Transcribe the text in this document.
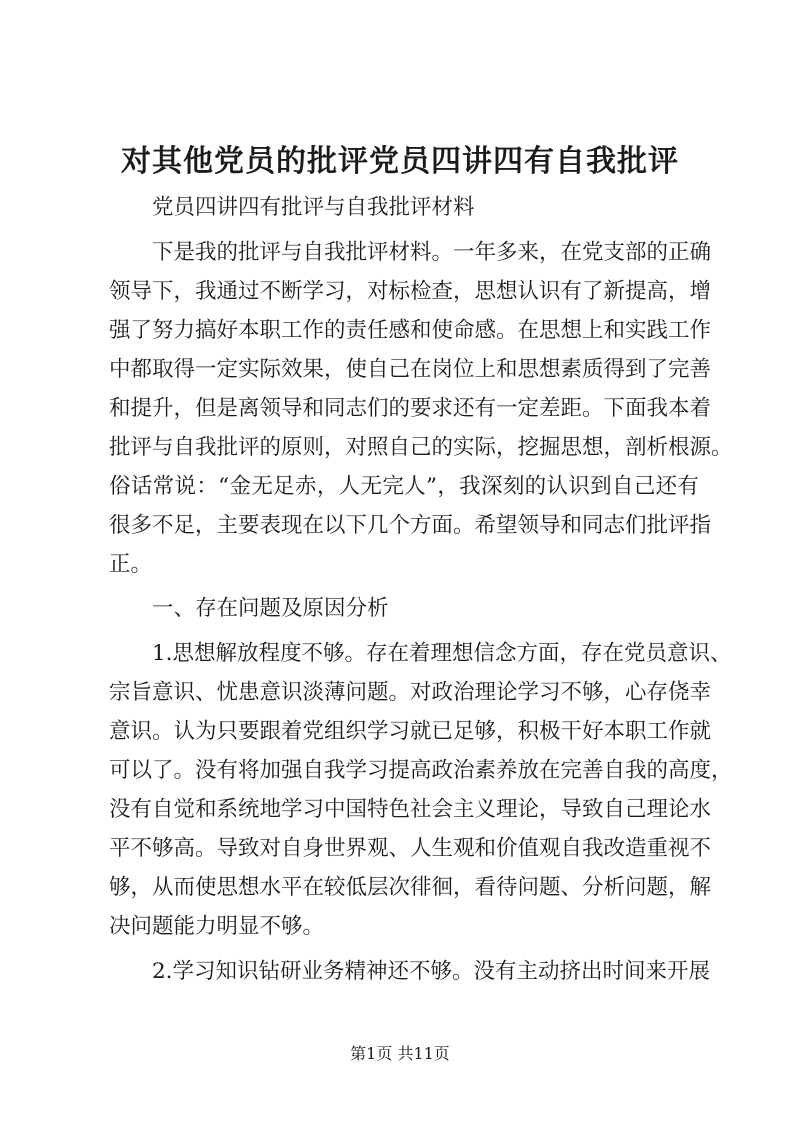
对其他党员的批评党员四讲四有自我批评
党员四讲四有批评与自我批评材料
下是我的批评与自我批评材料。一年多来，在党支部的正确
领导下，我通过不断学习，对标检查，思想认识有了新提高，增
强了努力搞好本职工作的责任感和使命感。在思想上和实践工作
中都取得一定实际效果，使自己在岗位上和思想素质得到了完善
和提升，但是离领导和同志们的要求还有一定差距。下面我本着
批评与自我批评的原则，对照自己的实际，挖掘思想，剖析根源。
俗话常说：“金无足赤，人无完人”，我深刻的认识到自己还有
很多不足，主要表现在以下几个方面。希望领导和同志们批评指
正。
一、存在问题及原因分析
1.思想解放程度不够。存在着理想信念方面，存在党员意识、
宗旨意识、忧患意识淡薄问题。对政治理论学习不够，心存侥幸
意识。认为只要跟着党组织学习就已足够，积极干好本职工作就
可以了。没有将加强自我学习提高政治素养放在完善自我的高度，
没有自觉和系统地学习中国特色社会主义理论，导致自己理论水
平不够高。导致对自身世界观、人生观和价值观自我改造重视不
够，从而使思想水平在较低层次徘徊，看待问题、分析问题，解
决问题能力明显不够。
2.学习知识钻研业务精神还不够。没有主动挤出时间来开展
第1页 共11页
